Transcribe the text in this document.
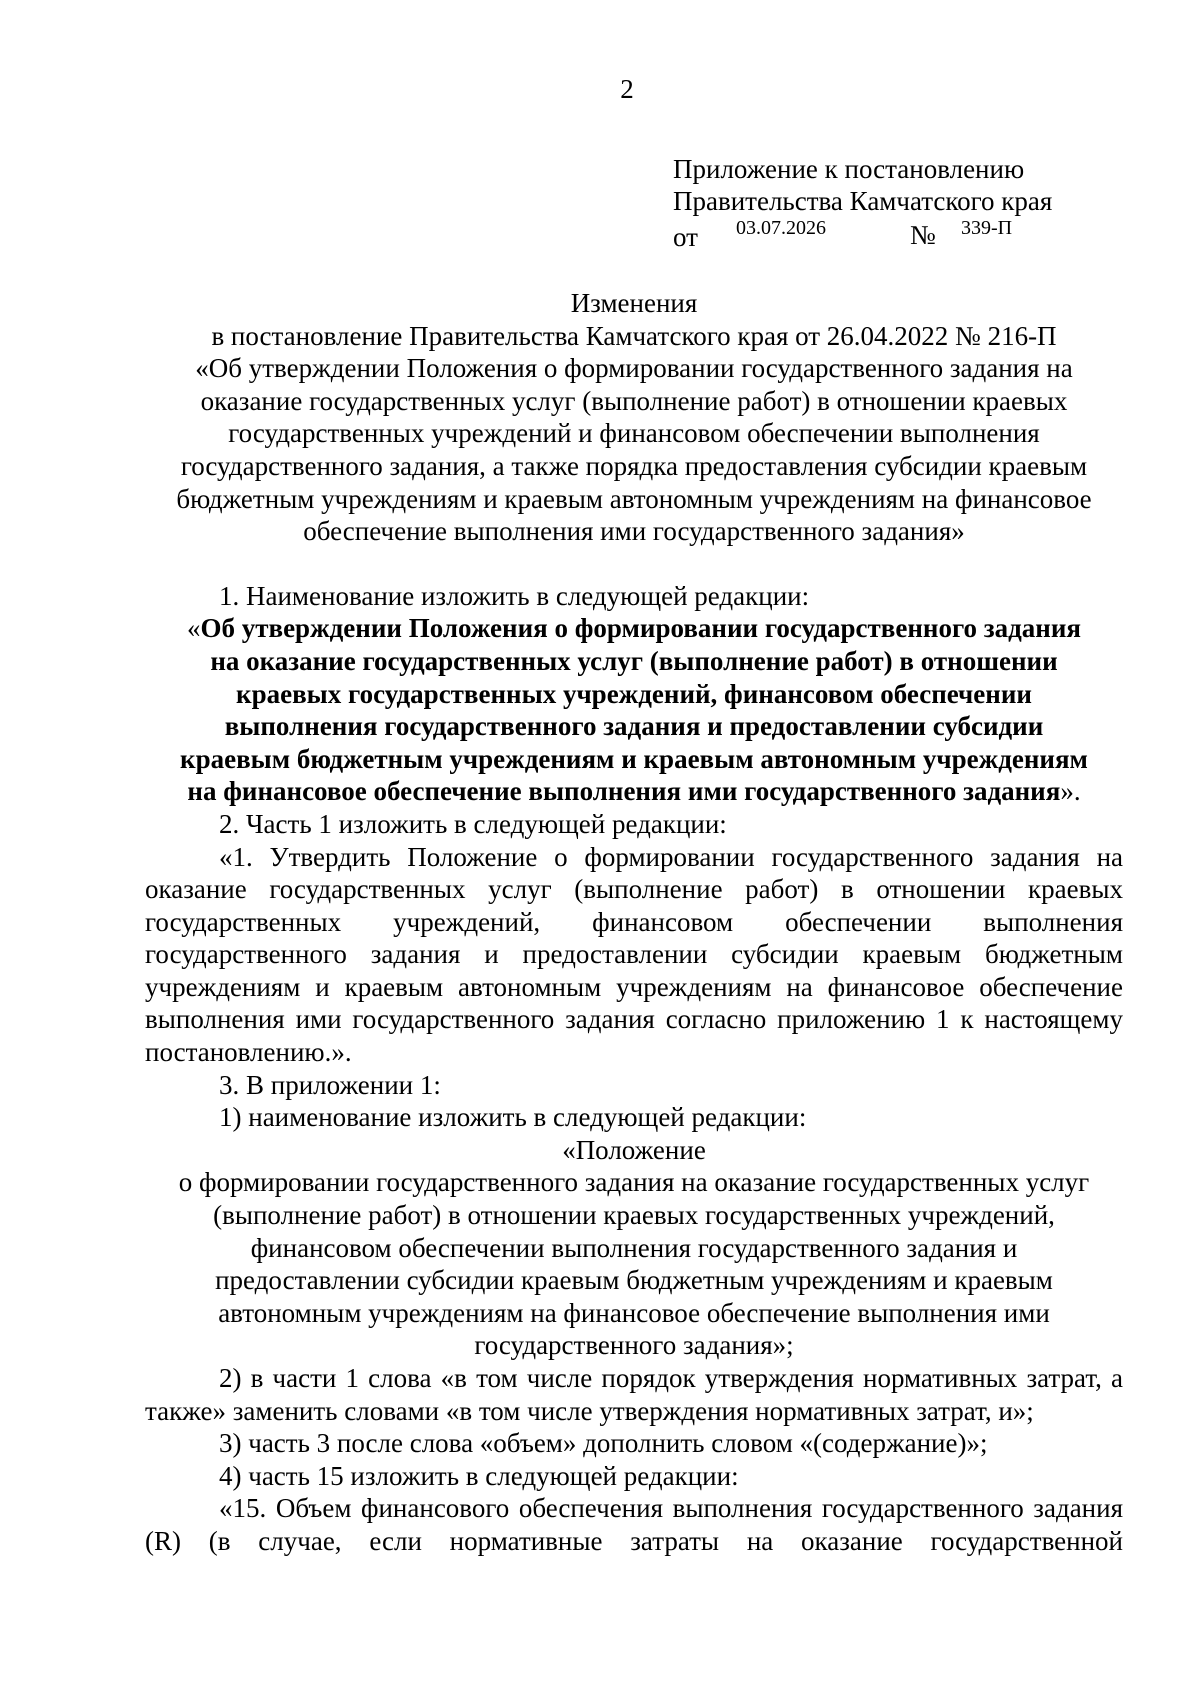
2
Приложение к постановлению
Правительства Камчатского края
от 03.07.2026	№ 339-П

Изменения

в постановление Правительства Камчатского края от 26.04.2022 № 216-П

«Об утверждении Положения о формировании государственного задания на

оказание государственных услуг (выполнение работ) в отношении краевых

государственных учреждений и финансовом обеспечении выполнения

государственного задания, а также порядка предоставления субсидии краевым

бюджетным учреждениям и краевым автономным учреждениям на финансовое

обеспечение выполнения ими государственного задания»

1. Наименование изложить в следующей редакции:

«Об утверждении Положения о формировании государственного задания

на оказание государственных услуг (выполнение работ) в отношении

краевых государственных учреждений, финансовом обеспечении

выполнения государственного задания и предоставлении субсидии

краевым бюджетным учреждениям и краевым автономным учреждениям

на финансовое обеспечение выполнения ими государственного задания».

2. Часть 1 изложить в следующей редакции:

«1. Утвердить Положение о формировании государственного задания на оказание государственных услуг (выполнение работ) в отношении краевых государственных учреждений, финансовом обеспечении выполнения государственного задания и предоставлении субсидии краевым бюджетным учреждениям и краевым автономным учреждениям на финансовое обеспечение выполнения ими государственного задания согласно приложению 1 к настоящему постановлению.».

3. В приложении 1:

1) наименование изложить в следующей редакции:

«Положение

о формировании государственного задания на оказание государственных услуг

(выполнение работ) в отношении краевых государственных учреждений,

финансовом обеспечении выполнения государственного задания и

предоставлении субсидии краевым бюджетным учреждениям и краевым

автономным учреждениям на финансовое обеспечение выполнения ими

государственного задания»;

2) в части 1 слова «в том числе порядок утверждения нормативных затрат, а также» заменить словами «в том числе утверждения нормативных затрат, и»;

3) часть 3 после слова «объем» дополнить словом «(содержание)»;

4) часть 15 изложить в следующей редакции:

«15. Объем финансового обеспечения выполнения государственного задания (R) (в случае, если нормативные затраты на оказание государственной
